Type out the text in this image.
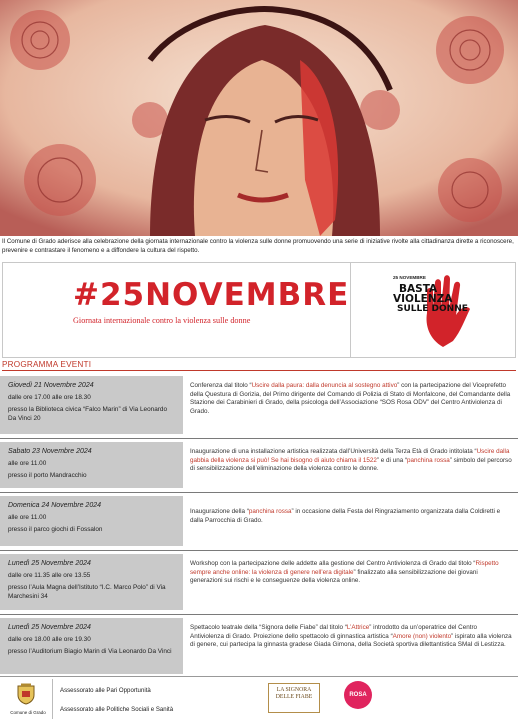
Il Comune di Grado aderisce alla celebrazione della giornata internazionale contro la violenza sulle donne promuovendo una serie di iniziative rivolte alla cittadinanza dirette a riconoscere, prevenire e contrastare il fenomeno e a diffondere la cultura del rispetto.

#25NOVEMBRE
Giornata internazionale contro la violenza sulle donne
25 NOVEMBRE
BASTA
VIOLENZA
SULLE DONNE
PROGRAMMA EVENTI
Giovedì 21 Novembre 2024
dalle ore 17.00 alle ore 18.30
presso la Biblioteca civica “Falco Marin” di Via Leonardo Da Vinci 20
Conferenza dal titolo “Uscire dalla paura: dalla denuncia al sostegno attivo” con la partecipazione del Viceprefetto della Questura di Gorizia, del Primo dirigente del Comando di Polizia di Stato di Monfalcone, del Comandante della Stazione dei Carabinieri di Grado, della psicologa dell’Associazione “SOS Rosa ODV” del Centro Antiviolenza di Grado.
Sabato 23 Novembre 2024
alle ore 11.00
presso il porto Mandracchio
Inaugurazione di una installazione artistica realizzata dall’Università della Terza Età di Grado intitolata “Uscire dalla gabbia della violenza si può! Se hai bisogno di aiuto chiama il 1522” e di una “panchina rossa” simbolo del percorso di sensibilizzazione dell’eliminazione della violenza contro le donne.
Domenica 24 Novembre 2024
alle ore 11.00
presso il parco giochi di Fossalon
Inaugurazione della “panchina rossa” in occasione della Festa del Ringraziamento organizzata dalla Coldiretti e dalla Parrocchia di Grado.
Lunedì 25 Novembre 2024
dalle ore 11.35 alle ore 13.55
presso l’Aula Magna dell’Istituto “I.C. Marco Polo” di Via Marchesini 34
Workshop con la partecipazione delle addette alla gestione del Centro Antiviolenza di Grado dal titolo “Rispetto sempre anche online: la violenza di genere nell’era digitale” finalizzato alla sensibilizzazione dei giovani generazioni sui rischi e le conseguenze della violenza online.
Lunedì 25 Novembre 2024
dalle ore 18.00 alle ore 19.30
presso l’Auditorium Biagio Marin di Via Leonardo Da Vinci
Spettacolo teatrale della “Signora delle Fiabe” dal titolo “L’Attrice” introdotto da un’operatrice del Centro Antiviolenza di Grado. Proiezione dello spettacolo di ginnastica artistica “Amore (non) violento” ispirato alla violenza di genere, cui partecipa la ginnasta gradese Giada Gimona, della Società sportiva dilettantistica SMaI di Lestizza.
Comune di Grado
Assessorato alle Pari Opportunità
Assessorato alle Politiche Sociali e Sanità
LA SIGNORA
DELLE FIABE	ROSA
